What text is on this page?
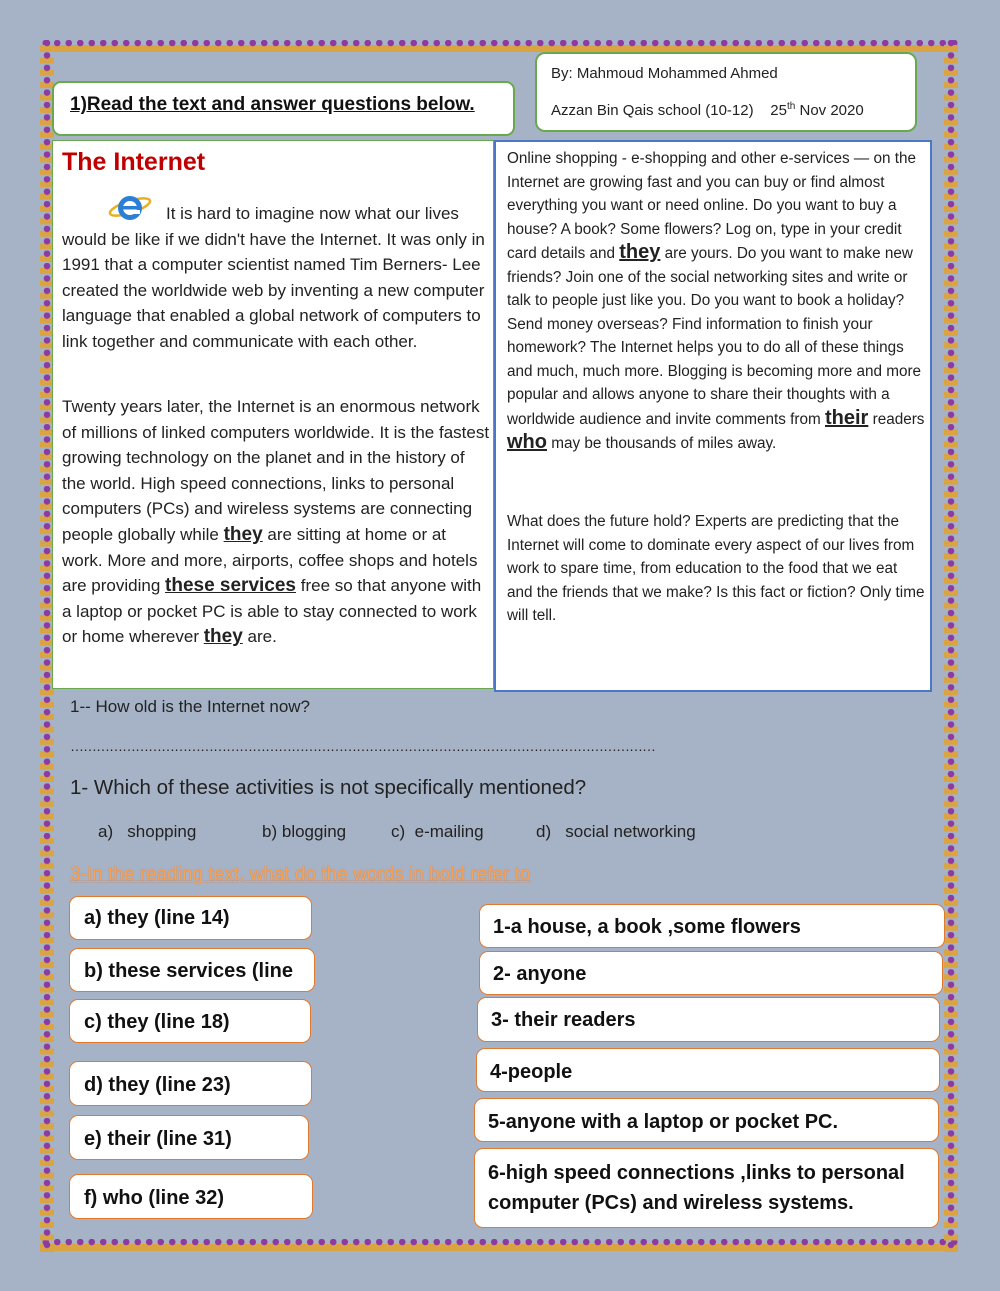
1)Read the text and answer questions below.
By: Mahmoud Mohammed Ahmed
Azzan Bin Qais school (10-12) 25th Nov 2020
The Internet

It is hard to imagine now what our lives would be like if we didn't have the Internet. It was only in 1991 that a computer scientist named Tim Berners- Lee created the worldwide web by inventing a new computer language that enabled a global network of computers to link together and communicate with each other.

Twenty years later, the Internet is an enormous network of millions of linked computers worldwide. It is the fastest growing technology on the planet and in the history of the world. High speed connections, links to personal computers (PCs) and wireless systems are connecting people globally while they are sitting at home or at work. More and more, airports, coffee shops and hotels are providing these services free so that anyone with a laptop or pocket PC is able to stay connected to work or home wherever they are.

Online shopping - e-shopping and other e-services — on the Internet are growing fast and you can buy or find almost everything you want or need online. Do you want to buy a house? A book? Some flowers? Log on, type in your credit card details and they are yours. Do you want to make new friends? Join one of the social networking sites and write or talk to people just like you. Do you want to book a holiday? Send money overseas? Find information to finish your homework? The Internet helps you to do all of these things and much, much more. Blogging is becoming more and more popular and allows anyone to share their thoughts with a worldwide audience and invite comments from their readers who may be thousands of miles away.

What does the future hold? Experts are predicting that the Internet will come to dominate every aspect of our lives from work to spare time, from education to the food that we eat and the friends that we make? Is this fact or fiction? Only time will tell.

1-- How old is the Internet now?
………………………………………………………………………………………………………………………
1- Which of these activities is not specifically mentioned?
a) shopping	b) blogging	c) e-mailing	d) social networking
3-In the reading text, what do the words in bold refer to
a) they (line 14)
b) these services (line
c) they (line 18)
d) they (line 23)
e) their (line 31)
f) who (line 32)
1-a house, a book ,some flowers
2- anyone
3- their readers
4-people
5-anyone with a laptop or pocket PC.
6-high speed connections ,links to personal computer (PCs) and wireless systems.
